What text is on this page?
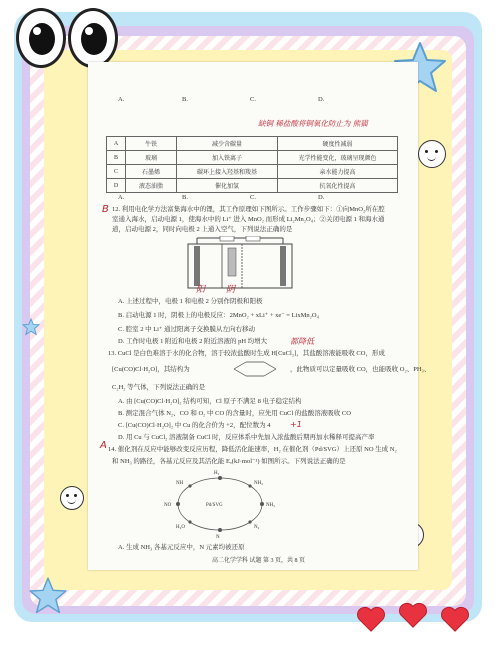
A.	B.	C.	D.
缺铜 稀盐酸将铜氧化防止为 熊猫
A	牛铁	减少含碳量	硬度性减弱
B	玻璃	加入铁离子	光学性能变化，玻璃呈现颜色
C	石墨烯	碳环上接入羟基和羧基	亲水能力提高
D	液态油脂	催化加氢	抗氧化性提高
A.	B.	C.	D.
B 12. 利用电化学方法富集海水中的锂，其工作原理如下图所示。工作步骤如下：①向MnO₂所在腔
室通入海水，启动电源 1，使海水中的 Li⁺ 进入 MnO₂ 而形成 Li₂Mn₂O₄；②关闭电源 1 和海水通
道，启动电源 2，同时向电极 2 上通入空气，下列说法正确的是
阳 阴
A. 上述过程中，电极 1 和电极 2 分别作阴极和阳极
B. 启动电源 1 时，阴极上的电极反应：2MnO₂ + xLi⁺ + xe⁻ = LixMn₂O₄
C. 腔室 2 中 Li⁺ 通过阳离子交换膜从左向右移动
D. 工作时电极 1 附近和电极 2 附近溶液的 pH 均增大	都降低
13. CuCl 是白色难溶于水的化合物，溶于较浓盐酸时生成 H[CuCl₂]，其盐酸溶液能吸收 CO，形成
[Cu(CO)Cl·H₂O]，其结构为	，此物质可以定量吸收 CO，也能吸收 O₂、PH₃、
C₂H₂ 等气体，下列说法正确的是
A. 由 [Cu(CO)Cl·H₂O]₂ 结构可知，Cl 原子不满足 8 电子稳定结构
B. 测定混合气体 N₂、CO 和 O₂ 中 CO 的含量时，应先用 CuCl 的盐酸溶液吸收 CO
C. [Cu(CO)Cl·H₂O]₂ 中 Cu 的化合价为 +2，配位数为 4 +1
D. 用 Cu 与 CuCl₂ 溶液制备 CuCl 时，反应体系中先加入浓盐酸后期再加水稀释可提高产率
A 14. 催化剂在反应中能够改变反应历程，降低活化能速率，H₂ 在催化剂（Pd/SVG）上还原 NO 生成 N₂
和 NH₃ 的路径，各基元反应及其活化能 Eₐ(kJ·mol⁻¹) 如图所示。下列说法正确的是
H₂
NH₂
NH₃
NO
N₂
H₂O
NH
N
Pd/SVG
A. 生成 NH₃ 各基元反应中，N 元素均被还原
高二化学学科 试题 第 3 页，共 8 页
